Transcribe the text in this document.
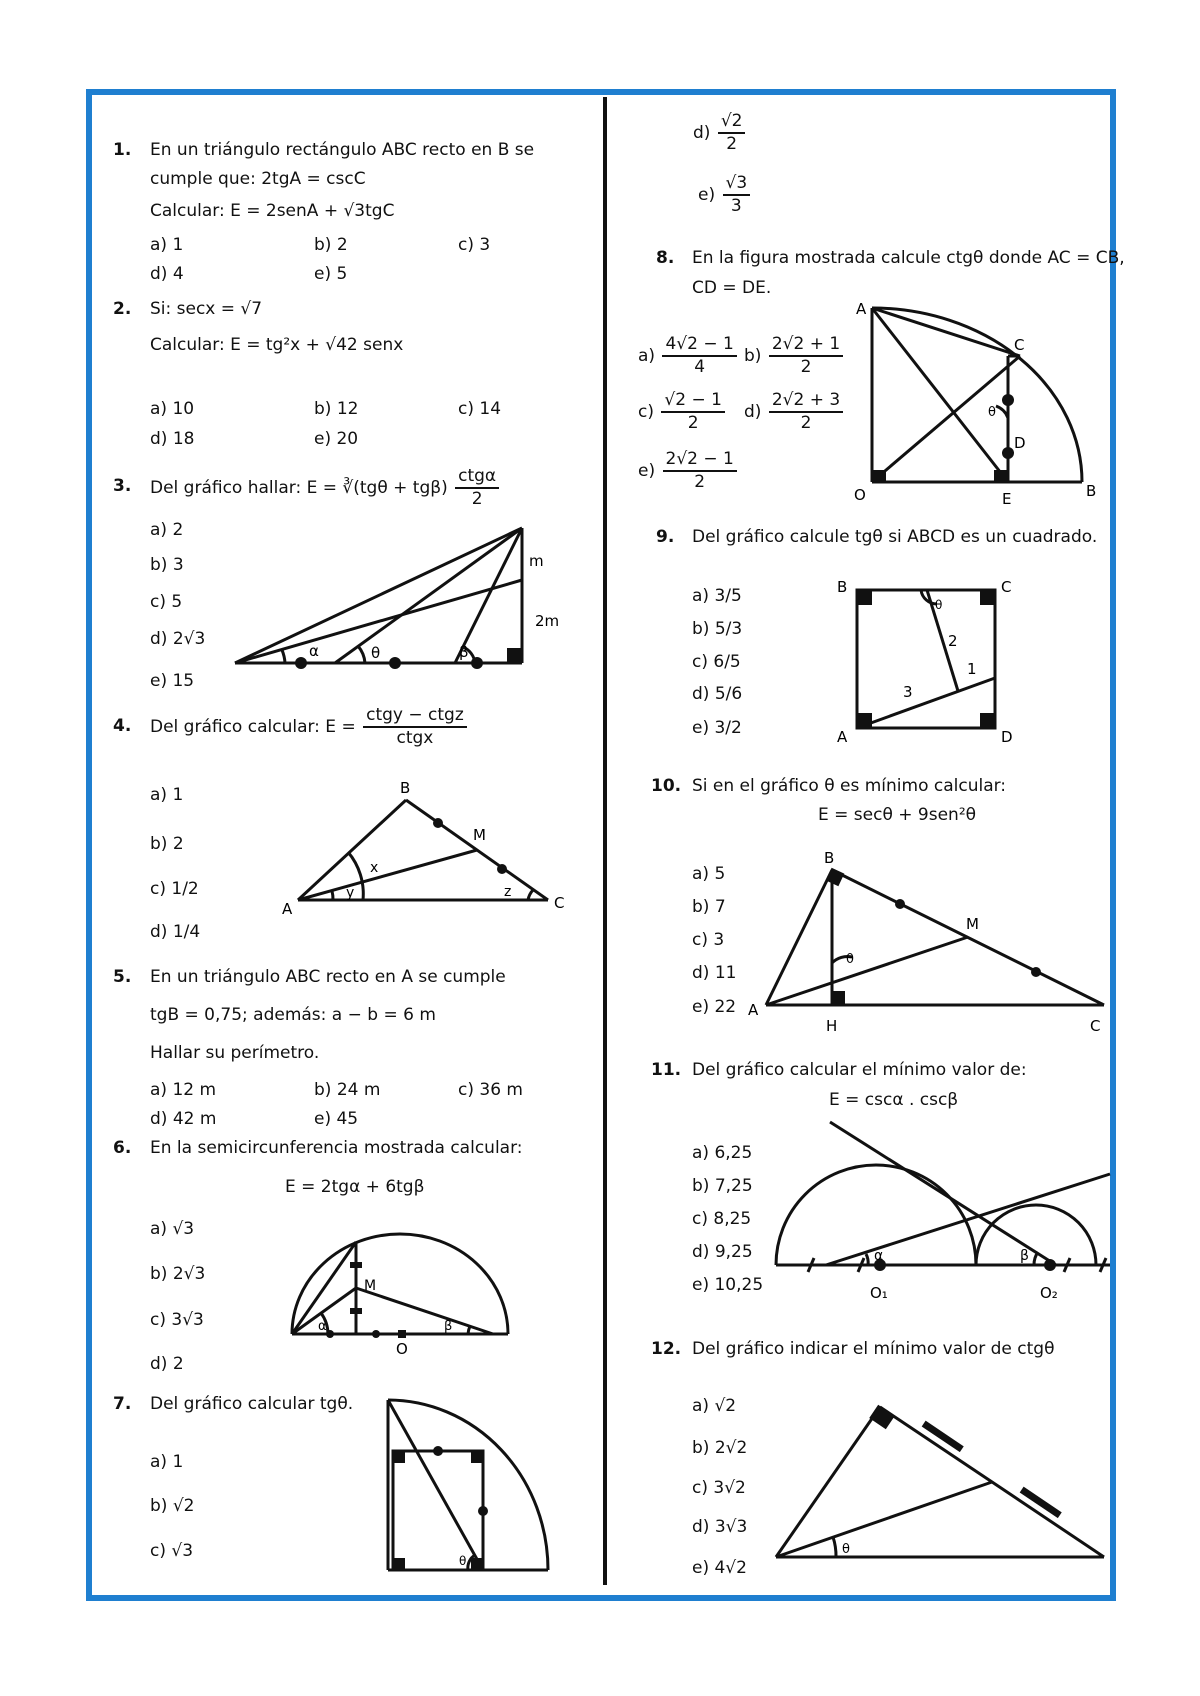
1. En un triángulo rectángulo ABC recto en B se
cumple que: 2tgA = cscC
Calcular: E = 2senA + √3tgC
a) 1	b) 2	c) 3
d) 4	e) 5
2. Si: secx = √7
Calcular: E = tg²x + √42 senx
a) 10	b) 12	c) 14
d) 18	e) 20
3. Del gráfico hallar: E = ∛(tgθ + $tg\beta) \frac{\text{ctgα}}{2}$
a) 2
b) 3
c) 5
d) 2√3
e) 15
m
2m
α	θ	β
4. Del gráfico calcular: $E = \frac{\text{ctgy − ctgz}}{\text{ctgx}}$
a) 1
b) 2
c) 1/2
d) 1/4
B
M
A	C
x
y	z
5. En un triángulo ABC recto en A se cumple
tgB = 0,75; además: a − b = 6 m
Hallar su perímetro.
a) 12 m	b) 24 m	c) 36 m
d) 42 m	e) 45
6. En la semicircunferencia mostrada calcular:
E = 2tgα + 6tgβ
a) √3
b) 2√3
c) 3√3
d) 2
M
O
α	β
7. Del gráfico calcular tgθ.
a) 1
b) √2
c) √3	θ
$d) \frac{√2}{2}$
$e) \frac{√3}{3}$
8. En la figura mostrada calcule ctgθ donde AC = CB,
CD = DE.
$a) \frac{4√2 - 1}{4} b) \frac{2√2 + 1}{2}$
$c) \frac{√2 - 1}{2} d) \frac{2√2 + 3}{2}$
$e) \frac{2√2 - 1}{2}$
A
C
D
O	E	B
θ
9. Del gráfico calcule tgθ si ABCD es un cuadrado.
a) 3/5
b) 5/3
c) 6/5
d) 5/6
e) 3/2
B	C
A	D
θ
2
1
3
10. Si en el gráfico θ es mínimo calcular:
E = secθ + 9sen²θ
a) 5
b) 7
c) 3
d) 11
e) 22
B
M
A
H	C
θ
11. Del gráfico calcular el mínimo valor de:
E = cscα . cscβ
a) 6,25
b) 7,25
c) 8,25
d) 9,25
e) 10,25	O₁	O₂
α	β
12. Del gráfico indicar el mínimo valor de ctgθ
a) √2
b) 2√2
c) 3√2
d) 3√3
e) 4√2
θ
